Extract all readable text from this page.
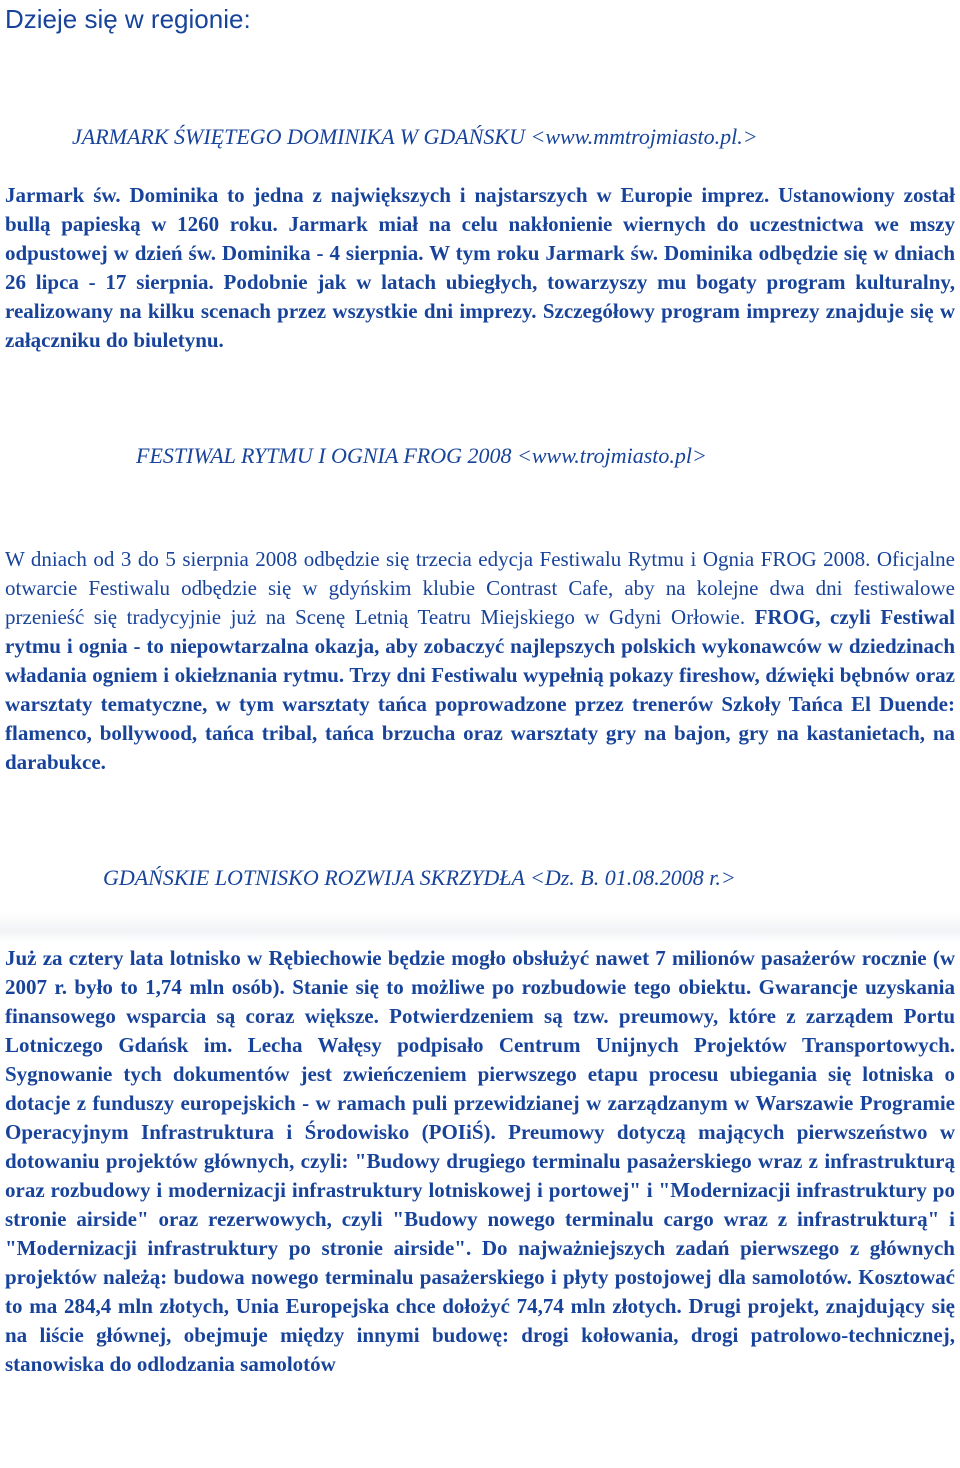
Dzieje się w regionie:
JARMARK ŚWIĘTEGO DOMINIKA W GDAŃSKU <www.mmtrojmiasto.pl.>

Jarmark św. Dominika to jedna z największych i najstarszych w Europie imprez. Ustanowiony został bullą papieską w 1260 roku. Jarmark miał na celu nakłonienie wiernych do uczestnictwa we mszy odpustowej w dzień św. Dominika - 4 sierpnia. W tym roku Jarmark św. Dominika odbędzie się w dniach 26 lipca - 17 sierpnia. Podobnie jak w latach ubiegłych, towarzyszy mu bogaty program kulturalny, realizowany na kilku scenach przez wszystkie dni imprezy. Szczegółowy program imprezy znajduje się w załączniku do biuletynu.

FESTIWAL RYTMU I OGNIA FROG 2008 <www.trojmiasto.pl>

W dniach od 3 do 5 sierpnia 2008 odbędzie się trzecia edycja Festiwalu Rytmu i Ognia FROG 2008. Oficjalne otwarcie Festiwalu odbędzie się w gdyńskim klubie Contrast Cafe, aby na kolejne dwa dni festiwalowe przenieść się tradycyjnie już na Scenę Letnią Teatru Miejskiego w Gdyni Orłowie. FROG, czyli Festiwal rytmu i ognia - to niepowtarzalna okazja, aby zobaczyć najlepszych polskich wykonawców w dziedzinach władania ogniem i okiełznania rytmu. Trzy dni Festiwalu wypełnią pokazy fireshow, dźwięki bębnów oraz warsztaty tematyczne, w tym warsztaty tańca poprowadzone przez trenerów Szkoły Tańca El Duende: flamenco, bollywood, tańca tribal, tańca brzucha oraz warsztaty gry na bajon, gry na kastanietach, na darabukce.

GDAŃSKIE LOTNISKO ROZWIJA SKRZYDŁA <Dz. B. 01.08.2008 r.>

Już za cztery lata lotnisko w Rębiechowie będzie mogło obsłużyć nawet 7 milionów pasażerów rocznie (w 2007 r. było to 1,74 mln osób). Stanie się to możliwe po rozbudowie tego obiektu. Gwarancje uzyskania finansowego wsparcia są coraz większe. Potwierdzeniem są tzw. preumowy, które z zarządem Portu Lotniczego Gdańsk im. Lecha Wałęsy podpisało Centrum Unijnych Projektów Transportowych. Sygnowanie tych dokumentów jest zwieńczeniem pierwszego etapu procesu ubiegania się lotniska o dotacje z funduszy europejskich - w ramach puli przewidzianej w zarządzanym w Warszawie Programie Operacyjnym Infrastruktura i Środowisko (POIiŚ). Preumowy dotyczą mających pierwszeństwo w dotowaniu projektów głównych, czyli: "Budowy drugiego terminalu pasażerskiego wraz z infrastrukturą oraz rozbudowy i modernizacji infrastruktury lotniskowej i portowej" i "Modernizacji infrastruktury po stronie airside" oraz rezerwowych, czyli "Budowy nowego terminalu cargo wraz z infrastrukturą" i "Modernizacji infrastruktury po stronie airside". Do najważniejszych zadań pierwszego z głównych projektów należą: budowa nowego terminalu pasażerskiego i płyty postojowej dla samolotów. Kosztować to ma 284,4 mln złotych, Unia Europejska chce dołożyć 74,74 mln złotych. Drugi projekt, znajdujący się na liście głównej, obejmuje między innymi budowę: drogi kołowania, drogi patrolowo-technicznej, stanowiska do odlodzania samolotów
